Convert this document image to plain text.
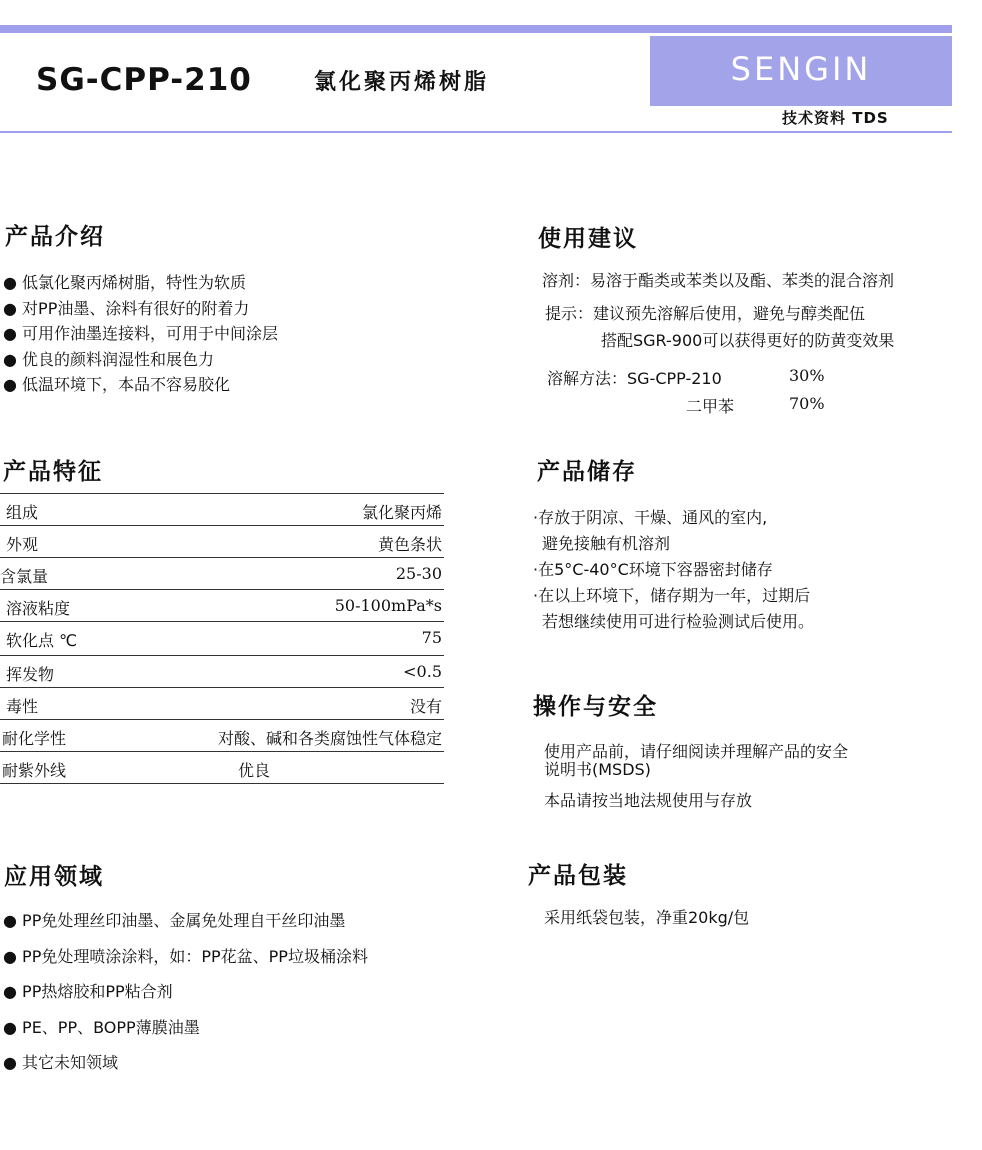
SG-CPP-210	氯化聚丙烯树脂	SENGIN
技术资料 TDS
产品介绍
● 低氯化聚丙烯树脂，特性为软质
● 对PP油墨、涂料有很好的附着力
● 可用作油墨连接料，可用于中间涂层
● 优良的颜料润湿性和展色力
● 低温环境下，本品不容易胶化
产品特征
组成	氯化聚丙烯
外观	黄色条状
含氯量	25-30
溶液粘度	50-100mPa*s
软化点 ℃	75
挥发物	<0.5
毒性	没有
耐化学性	对酸、碱和各类腐蚀性气体稳定
耐紫外线	优良
应用领域
● PP免处理丝印油墨、金属免处理自干丝印油墨
● PP免处理喷涂涂料，如：PP花盆、PP垃圾桶涂料
● PP热熔胶和PP粘合剂
● PE、PP、BOPP薄膜油墨
● 其它未知领域
使用建议
溶剂：易溶于酯类或苯类以及酯、苯类的混合溶剂
提示：建议预先溶解后使用，避免与醇类配伍
搭配SGR-900可以获得更好的防黄变效果
溶解方法：SG-CPP-210	30%
二甲苯	70%
产品储存
·存放于阴凉、干燥、通风的室内,
避免接触有机溶剂
·在5°C-40°C环境下容器密封储存
·在以上环境下，储存期为一年，过期后
若想继续使用可进行检验测试后使用。
操作与安全
使用产品前，请仔细阅读并理解产品的安全
说明书(MSDS)
本品请按当地法规使用与存放
产品包装
采用纸袋包装，净重20kg/包
